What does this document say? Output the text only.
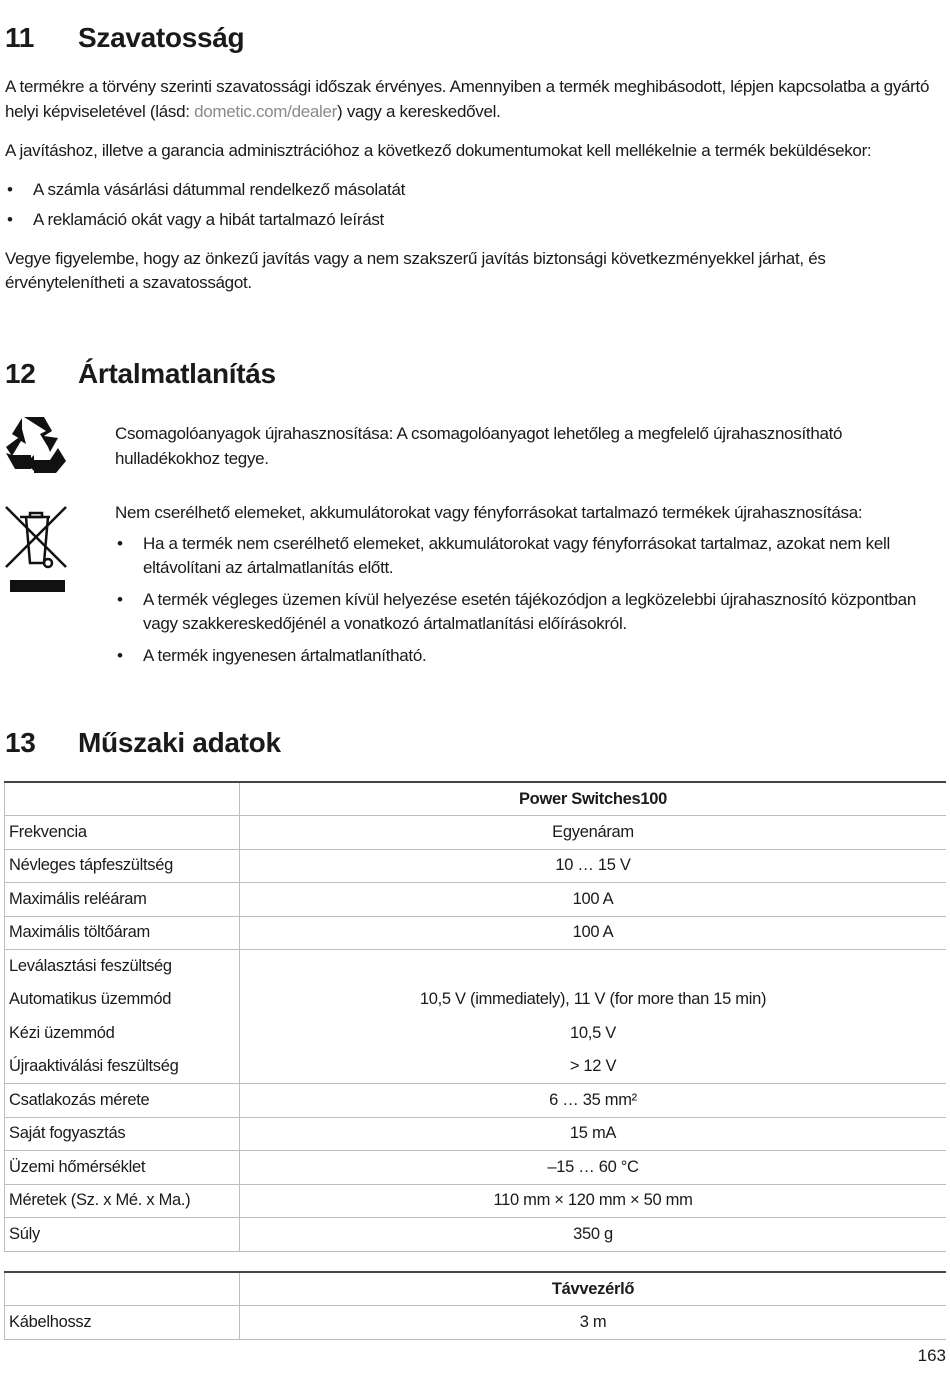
11	Szavatosság

A termékre a törvény szerinti szavatossági időszak érvényes. Amennyiben a termék meghibásodott, lépjen kapcsolatba a gyártó helyi képviseletével (lásd: dometic.com/dealer) vagy a kereskedővel.

A javításhoz, illetve a garancia adminisztrációhoz a következő dokumentumokat kell mellékelnie a termék beküldésekor:

• A számla vásárlási dátummal rendelkező másolatát
• A reklamáció okát vagy a hibát tartalmazó leírást

Vegye figyelembe, hogy az önkezű javítás vagy a nem szakszerű javítás biztonsági következményekkel járhat, és érvénytelenítheti a szavatosságot.

12	Ártalmatlanítás

Csomagolóanyagok újrahasznosítása: A csomagolóanyagot lehetőleg a megfelelő újrahasznosítható hulladékokhoz tegye.

Nem cserélhető elemeket, akkumulátorokat vagy fényforrásokat tartalmazó termékek újrahasznosítása:

• Ha a termék nem cserélhető elemeket, akkumulátorokat vagy fényforrásokat tartalmaz, azokat nem kell eltávolítani az ártalmatlanítás előtt.
• A termék végleges üzemen kívül helyezése esetén tájékozódjon a legközelebbi újrahasznosító központban vagy szakkereskedőjénél a vonatkozó ártalmatlanítási előírásokról.
• A termék ingyenesen ártalmatlanítható.
13	Műszaki adatok
	Power Switches100
Frekvencia	Egyenáram
Névleges tápfeszültség	10 … 15 V
Maximális reléáram	100 A
Maximális töltőáram	100 A
Leválasztási feszültség	
Automatikus üzemmód	10,5 V (immediately), 11 V (for more than 15 min)
Kézi üzemmód	10,5 V
Újraaktiválási feszültség	> 12 V
Csatlakozás mérete	6 … 35 mm²
Saját fogyasztás	15 mA
Üzemi hőmérséklet	–15 … 60 °C
Méretek (Sz. x Mé. x Ma.)	110 mm × 120 mm × 50 mm
Súly	350 g
	Távvezérlő
Kábelhossz	3 m
163
